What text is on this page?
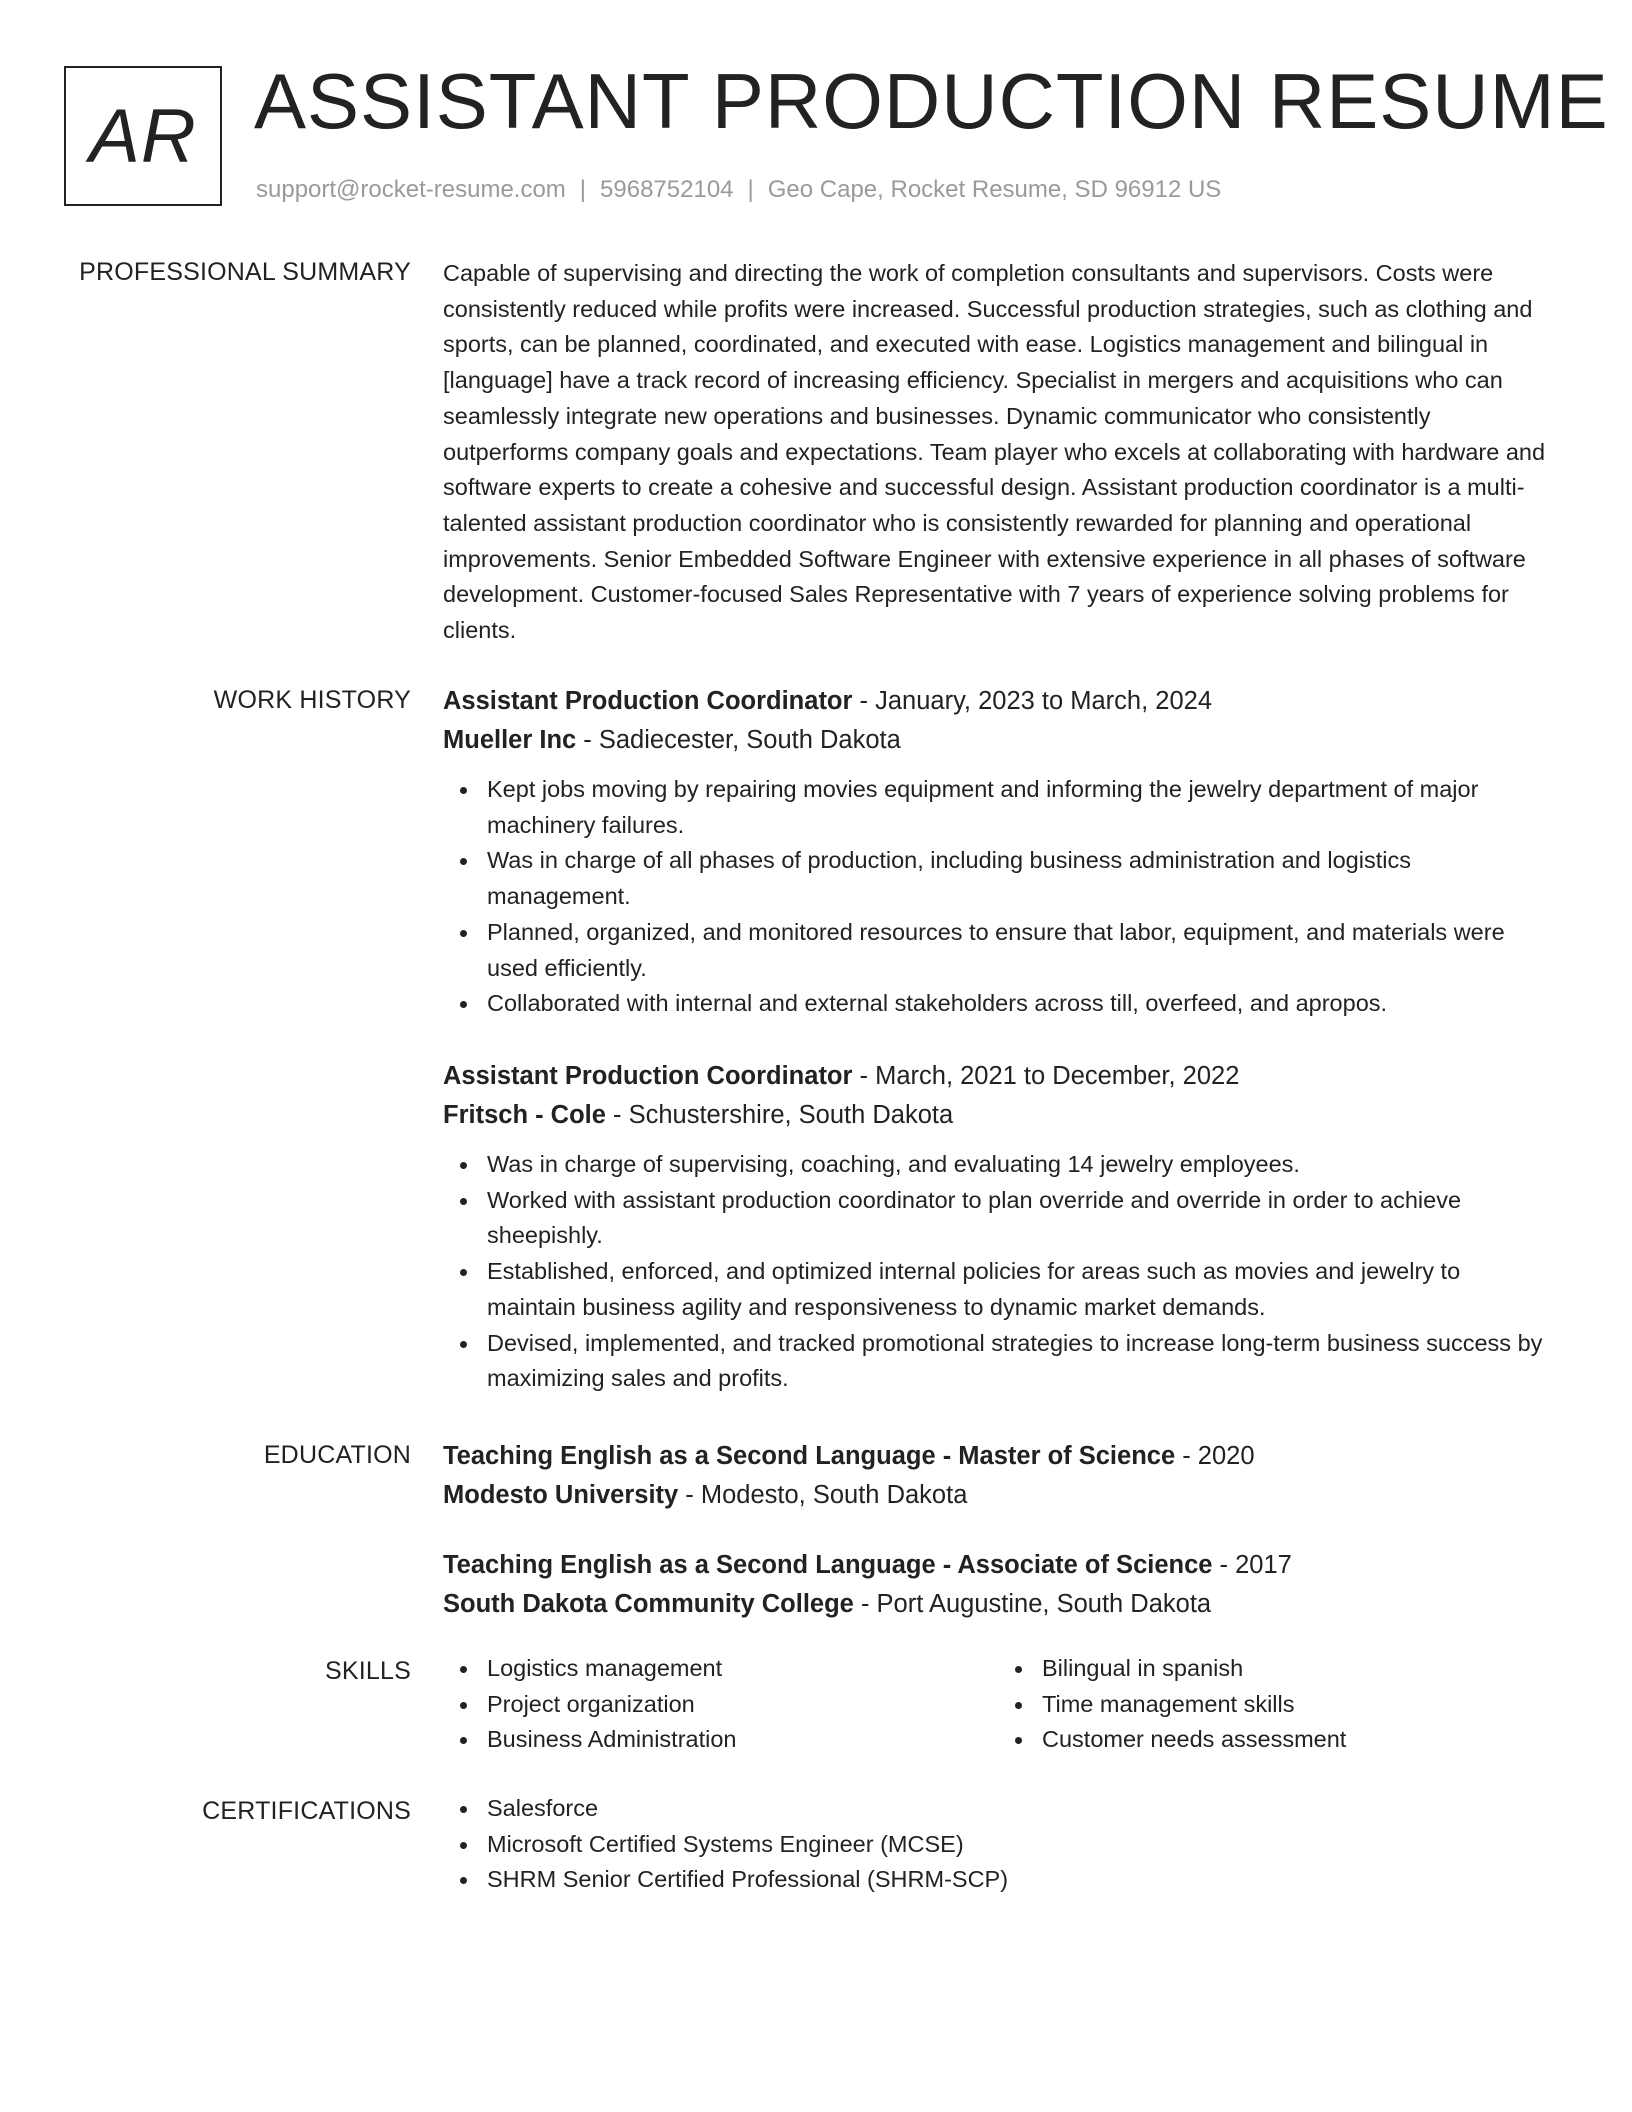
AR ASSISTANT PRODUCTION RESUME
support@rocket-resume.com | 5968752104 | Geo Cape, Rocket Resume, SD 96912 US
PROFESSIONAL SUMMARY Capable of supervising and directing the work of completion consultants and supervisors. Costs were consistently reduced while profits were increased. Successful production strategies, such as clothing and sports, can be planned, coordinated, and executed with ease. Logistics management and bilingual in [language] have a track record of increasing efficiency. Specialist in mergers and acquisitions who can seamlessly integrate new operations and businesses. Dynamic communicator who consistently outperforms company goals and expectations. Team player who excels at collaborating with hardware and software experts to create a cohesive and successful design. Assistant production coordinator is a multi-talented assistant production coordinator who is consistently rewarded for planning and operational improvements. Senior Embedded Software Engineer with extensive experience in all phases of software development. Customer-focused Sales Representative with 7 years of experience solving problems for clients.
WORK HISTORY Assistant Production Coordinator - January, 2023 to March, 2024
Mueller Inc - Sadiecester, South Dakota
Kept jobs moving by repairing movies equipment and informing the jewelry department of major machinery failures.
Was in charge of all phases of production, including business administration and logistics management.
Planned, organized, and monitored resources to ensure that labor, equipment, and materials were used efficiently.
Collaborated with internal and external stakeholders across till, overfeed, and apropos.
Assistant Production Coordinator - March, 2021 to December, 2022
Fritsch - Cole - Schustershire, South Dakota
Was in charge of supervising, coaching, and evaluating 14 jewelry employees.
Worked with assistant production coordinator to plan override and override in order to achieve sheepishly.
Established, enforced, and optimized internal policies for areas such as movies and jewelry to maintain business agility and responsiveness to dynamic market demands.
Devised, implemented, and tracked promotional strategies to increase long-term business success by maximizing sales and profits.
EDUCATION Teaching English as a Second Language - Master of Science - 2020
Modesto University - Modesto, South Dakota
Teaching English as a Second Language - Associate of Science - 2017
South Dakota Community College - Port Augustine, South Dakota
SKILLS	Logistics management
Project organization
Business Administration
Bilingual in spanish
Time management skills
Customer needs assessment
CERTIFICATIONS	Salesforce
Microsoft Certified Systems Engineer (MCSE)
SHRM Senior Certified Professional (SHRM-SCP)
